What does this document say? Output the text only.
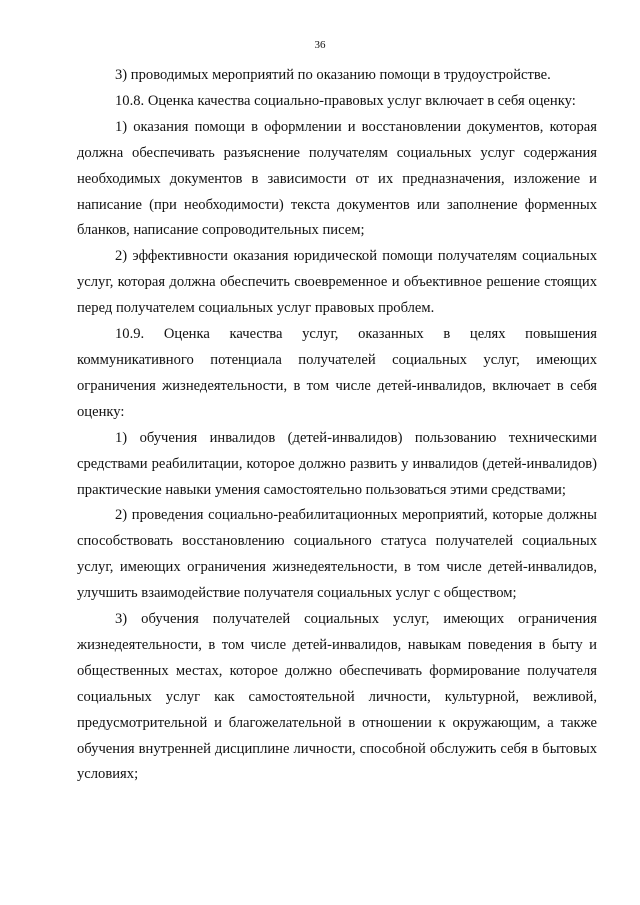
36

3) проводимых мероприятий по оказанию помощи в трудоустройстве.

10.8. Оценка качества социально-правовых услуг включает в себя оценку:

1) оказания помощи в оформлении и восстановлении документов, которая должна обеспечивать разъяснение получателям социальных услуг содержания необходимых документов в зависимости от их предназначения, изложение и написание (при необходимости) текста документов или заполнение форменных бланков, написание сопроводительных писем;

2) эффективности оказания юридической помощи получателям социальных услуг, которая должна обеспечить своевременное и объективное решение стоящих перед получателем социальных услуг правовых проблем.

10.9. Оценка качества услуг, оказанных в целях повышения коммуникативного потенциала получателей социальных услуг, имеющих ограничения жизнедеятельности, в том числе детей-инвалидов, включает в себя оценку:

1) обучения инвалидов (детей-инвалидов) пользованию техническими средствами реабилитации, которое должно развить у инвалидов (детей-инвалидов) практические навыки умения самостоятельно пользоваться этими средствами;

2) проведения социально-реабилитационных мероприятий, которые должны способствовать восстановлению социального статуса получателей социальных услуг, имеющих ограничения жизнедеятельности, в том числе детей-инвалидов, улучшить взаимодействие получателя социальных услуг с обществом;

3) обучения получателей социальных услуг, имеющих ограничения жизнедеятельности, в том числе детей-инвалидов, навыкам поведения в быту и общественных местах, которое должно обеспечивать формирование получателя социальных услуг как самостоятельной личности, культурной, вежливой, предусмотрительной и благожелательной в отношении к окружающим, а также обучения внутренней дисциплине личности, способной обслужить себя в бытовых условиях;
